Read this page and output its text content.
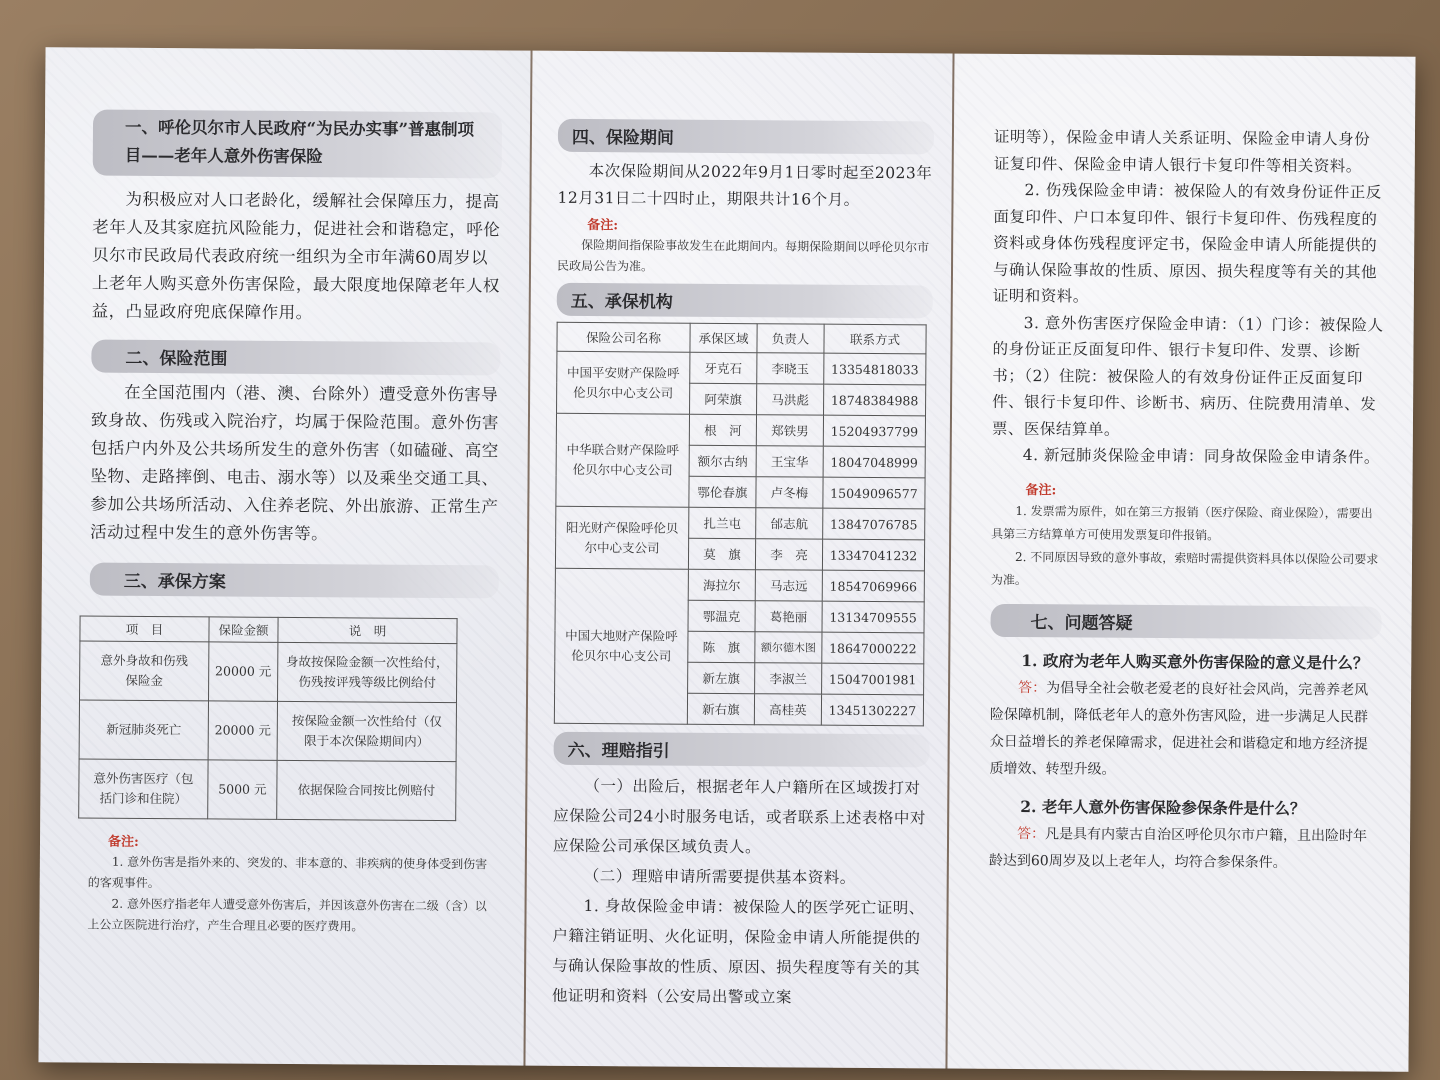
一、呼伦贝尔市人民政府“为民办实事”普惠制项目——老年人意外伤害保险

为积极应对人口老龄化，缓解社会保障压力，提高老年人及其家庭抗风险能力，促进社会和谐稳定，呼伦贝尔市民政局代表政府统一组织为全市年满60周岁以上老年人购买意外伤害保险，最大限度地保障老年人权益，凸显政府兜底保障作用。

二、保险范围

在全国范围内（港、澳、台除外）遭受意外伤害导致身故、伤残或入院治疗，均属于保险范围。意外伤害包括户内外及公共场所发生的意外伤害（如磕碰、高空坠物、走路摔倒、电击、溺水等）以及乘坐交通工具、参加公共场所活动、入住养老院、外出旅游、正常生产活动过程中发生的意外伤害等。

三、承保方案
项　目	保险金额	说　明
意外身故和伤残保险金	20000 元	身故按保险金额一次性给付，伤残按评残等级比例给付
新冠肺炎死亡	20000 元	按保险金额一次性给付（仅限于本次保险期间内）
意外伤害医疗（包括门诊和住院）	5000 元	依据保险合同按比例赔付
备注:

1. 意外伤害是指外来的、突发的、非本意的、非疾病的使身体受到伤害的客观事件。

2. 意外医疗指老年人遭受意外伤害后，并因该意外伤害在二级（含）以上公立医院进行治疗，产生合理且必要的医疗费用。

四、保险期间

本次保险期间从2022年9月1日零时起至2023年12月31日二十四时止，期限共计16个月。

备注:

保险期间指保险事故发生在此期间内。每期保险期间以呼伦贝尔市民政局公告为准。

五、承保机构
保险公司名称	承保区域	负责人	联系方式
中国平安财产保险呼伦贝尔中心支公司	牙克石	李晓玉	13354818033
	阿荣旗	马洪彪	18748384988
中华联合财产保险呼伦贝尔中心支公司	根　河	郑铁男	15204937799
	额尔古纳	王宝华	18047048999
	鄂伦春旗	卢冬梅	15049096577
阳光财产保险呼伦贝尔中心支公司	扎兰屯	邰志航	13847076785
	莫　旗	李　亮	13347041232
中国大地财产保险呼伦贝尔中心支公司	海拉尔	马志远	18547069966
	鄂温克	葛艳丽	13134709555
	陈　旗	额尔德木图	18647000222
	新左旗	李淑兰	15047001981
	新右旗	高桂英	13451302227
六、理赔指引

（一）出险后，根据老年人户籍所在区域拨打对应保险公司24小时服务电话，或者联系上述表格中对应保险公司承保区域负责人。

（二）理赔申请所需要提供基本资料。

1. 身故保险金申请：被保险人的医学死亡证明、户籍注销证明、火化证明，保险金申请人所能提供的与确认保险事故的性质、原因、损失程度等有关的其他证明和资料（公安局出警或立案

证明等），保险金申请人关系证明、保险金申请人身份证复印件、保险金申请人银行卡复印件等相关资料。

2. 伤残保险金申请：被保险人的有效身份证件正反面复印件、户口本复印件、银行卡复印件、伤残程度的资料或身体伤残程度评定书，保险金申请人所能提供的与确认保险事故的性质、原因、损失程度等有关的其他证明和资料。

3. 意外伤害医疗保险金申请：（1）门诊：被保险人的身份证正反面复印件、银行卡复印件、发票、诊断书；（2）住院：被保险人的有效身份证件正反面复印件、银行卡复印件、诊断书、病历、住院费用清单、发票、医保结算单。

4. 新冠肺炎保险金申请：同身故保险金申请条件。

备注:

1. 发票需为原件，如在第三方报销（医疗保险、商业保险），需要出具第三方结算单方可使用发票复印件报销。

2. 不同原因导致的意外事故，索赔时需提供资料具体以保险公司要求为准。

七、问题答疑

1. 政府为老年人购买意外伤害保险的意义是什么？

答：为倡导全社会敬老爱老的良好社会风尚，完善养老风险保障机制，降低老年人的意外伤害风险，进一步满足人民群众日益增长的养老保障需求，促进社会和谐稳定和地方经济提质增效、转型升级。

2. 老年人意外伤害保险参保条件是什么？

答：凡是具有内蒙古自治区呼伦贝尔市户籍，且出险时年龄达到60周岁及以上老年人，均符合参保条件。
